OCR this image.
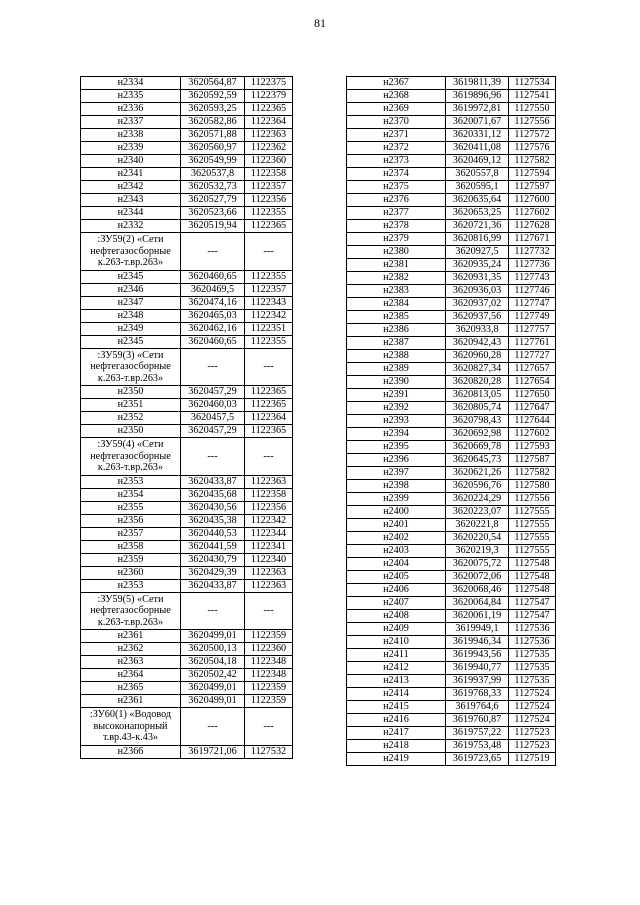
81
н2334	3620564,87	1122375
н2335	3620592,59	1122379
н2336	3620593,25	1122365
н2337	3620582,86	1122364
н2338	3620571,88	1122363
н2339	3620560,97	1122362
н2340	3620549,99	1122360
н2341	3620537,8	1122358
н2342	3620532,73	1122357
н2343	3620527,79	1122356
н2344	3620523,66	1122355
н2332	3620519,94	1122365
:ЗУ59(2) «Сети нефтегазосборные к.263-т.вр.263»	---	---
н2345	3620460,65	1122355
н2346	3620469,5	1122357
н2347	3620474,16	1122343
н2348	3620465,03	1122342
н2349	3620462,16	1122351
н2345	3620460,65	1122355
:ЗУ59(3) «Сети нефтегазосборные к.263-т.вр.263»	---	---
н2350	3620457,29	1122365
н2351	3620460,03	1122365
н2352	3620457,5	1122364
н2350	3620457,29	1122365
:ЗУ59(4) «Сети нефтегазосборные к.263-т.вр.263»	---	---
н2353	3620433,87	1122363
н2354	3620435,68	1122358
н2355	3620430,56	1122356
н2356	3620435,38	1122342
н2357	3620440,53	1122344
н2358	3620441,59	1122341
н2359	3620430,79	1122340
н2360	3620429,39	1122363
н2353	3620433,87	1122363
:ЗУ59(5) «Сети нефтегазосборные к.263-т.вр.263»	---	---
н2361	3620499,01	1122359
н2362	3620500,13	1122360
н2363	3620504,18	1122348
н2364	3620502,42	1122348
н2365	3620499,01	1122359
н2361	3620499,01	1122359
:ЗУ60(1) «Водовод высоконапорный т.вр.43-к.43»	---	---
н2366	3619721,06	1127532
н2367	3619811,39	1127534
н2368	3619896,96	1127541
н2369	3619972,81	1127550
н2370	3620071,67	1127556
н2371	3620331,12	1127572
н2372	3620411,08	1127576
н2373	3620469,12	1127582
н2374	3620557,8	1127594
н2375	3620595,1	1127597
н2376	3620635,64	1127600
н2377	3620653,25	1127602
н2378	3620721,36	1127628
н2379	3620816,99	1127671
н2380	3620927,5	1127732
н2381	3620935,24	1127736
н2382	3620931,35	1127743
н2383	3620936,03	1127746
н2384	3620937,02	1127747
н2385	3620937,56	1127749
н2386	3620933,8	1127757
н2387	3620942,43	1127761
н2388	3620960,28	1127727
н2389	3620827,34	1127657
н2390	3620820,28	1127654
н2391	3620813,05	1127650
н2392	3620805,74	1127647
н2393	3620798,43	1127644
н2394	3620692,98	1127602
н2395	3620669,78	1127593
н2396	3620645,73	1127587
н2397	3620621,26	1127582
н2398	3620596,76	1127580
н2399	3620224,29	1127556
н2400	3620223,07	1127555
н2401	3620221,8	1127555
н2402	3620220,54	1127555
н2403	3620219,3	1127555
н2404	3620075,72	1127548
н2405	3620072,06	1127548
н2406	3620068,46	1127548
н2407	3620064,84	1127547
н2408	3620061,19	1127547
н2409	3619949,1	1127536
н2410	3619946,34	1127536
н2411	3619943,56	1127535
н2412	3619940,77	1127535
н2413	3619937,99	1127535
н2414	3619768,33	1127524
н2415	3619764,6	1127524
н2416	3619760,87	1127524
н2417	3619757,22	1127523
н2418	3619753,48	1127523
н2419	3619723,65	1127519
